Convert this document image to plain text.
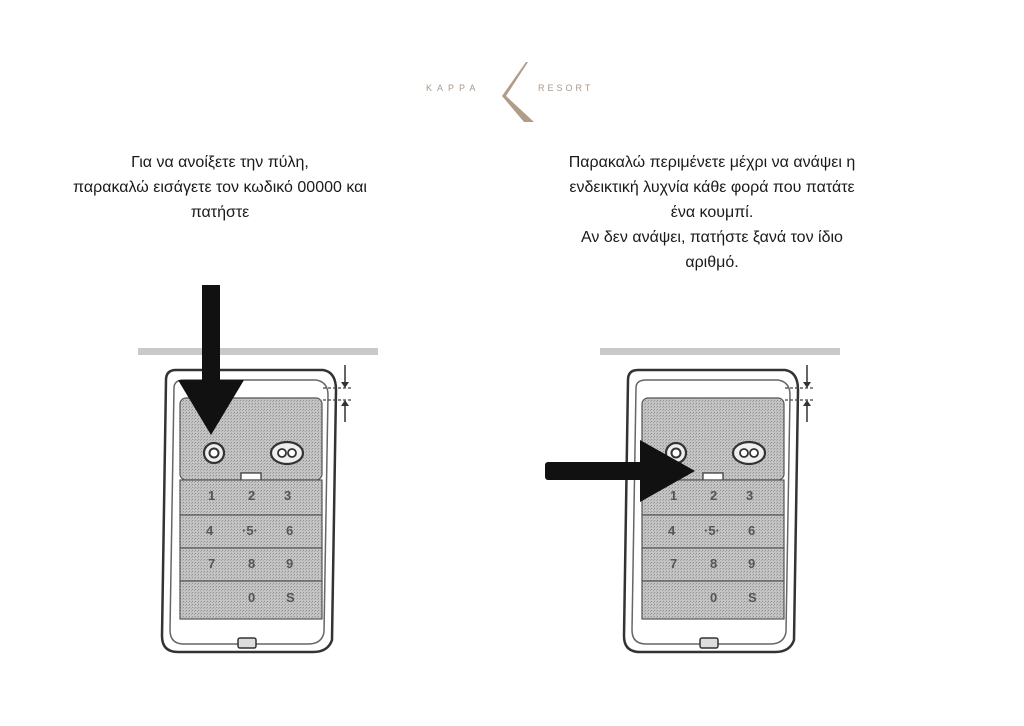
KAPPA	RESORT
Για να ανοίξετε την πύλη,
παρακαλώ εισάγετε τον κωδικό 00000 και
πατήστε
Παρακαλώ περιμένετε μέχρι να ανάψει η
ενδεικτική λυχνία κάθε φορά που πατάτε
ένα κουμπί.
Αν δεν ανάψει, πατήστε ξανά τον ίδιο
αριθμό.
1	2 3
4 ·5· 6
7	8 9
0 S
1	2 3
4 ·5· 6
7	8 9
0 S
